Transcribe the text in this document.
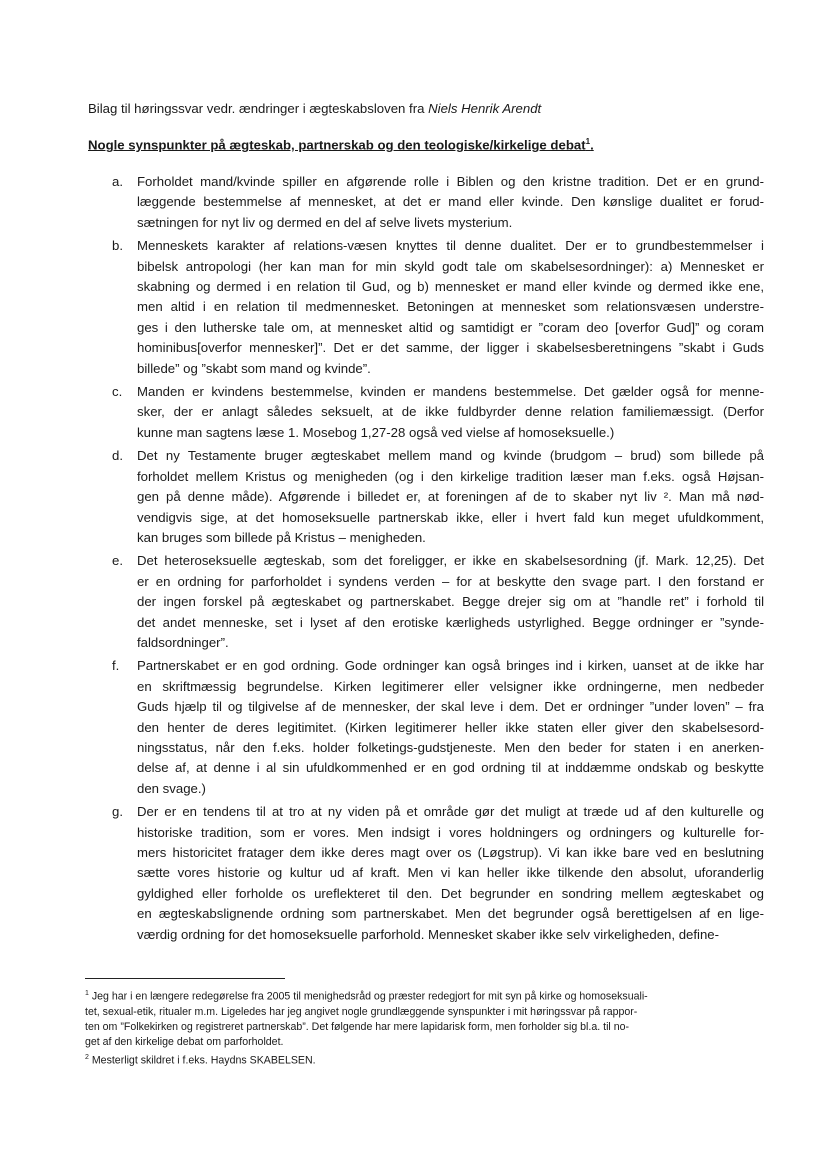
Bilag til høringssvar vedr. ændringer i ægteskabsloven fra Niels Henrik Arendt
Nogle synspunkter på ægteskab, partnerskab og den teologiske/kirkelige debat$^1$.
a. Forholdet mand/kvinde spiller en afgørende rolle i Biblen og den kristne tradition. Det er en grund-
læggende bestemmelse af mennesket, at det er mand eller kvinde. Den kønslige dualitet er forud-
sætningen for nyt liv og dermed en del af selve livets mysterium.
b. Menneskets karakter af relations-væsen knyttes til denne dualitet. Der er to grundbestemmelser i
bibelsk antropologi (her kan man for min skyld godt tale om skabelsesordninger): a) Mennesket er
skabning og dermed i en relation til Gud, og b) mennesket er mand eller kvinde og dermed ikke ene,
men altid i en relation til medmennesket. Betoningen at mennesket som relationsvæsen understre-
ges i den lutherske tale om, at mennesket altid og samtidigt er ”coram deo [overfor Gud]” og coram
hominibus[overfor mennesker]”. Det er det samme, der ligger i skabelsesberetningens ”skabt i Guds
billede” og ”skabt som mand og kvinde”.
c. Manden er kvindens bestemmelse, kvinden er mandens bestemmelse. Det gælder også for menne-
sker, der er anlagt således seksuelt, at de ikke fuldbyrder denne relation familiemæssigt. (Derfor
kunne man sagtens læse 1. Mosebog 1,27-28 også ved vielse af homoseksuelle.)
d. Det ny Testamente bruger ægteskabet mellem mand og kvinde (brudgom – brud) som billede på
forholdet mellem Kristus og menigheden (og i den kirkelige tradition læser man f.eks. også Højsan-
gen på denne måde). Afgørende i billedet er, at foreningen af de to skaber nyt liv ². Man må nød-
vendigvis sige, at det homoseksuelle partnerskab ikke, eller i hvert fald kun meget ufuldkomment,
kan bruges som billede på Kristus – menigheden.
e. Det heteroseksuelle ægteskab, som det foreligger, er ikke en skabelsesordning (jf. Mark. 12,25). Det
er en ordning for parforholdet i syndens verden – for at beskytte den svage part. I den forstand er
der ingen forskel på ægteskabet og partnerskabet. Begge drejer sig om at ”handle ret” i forhold til
det andet menneske, set i lyset af den erotiske kærligheds ustyrlighed. Begge ordninger er ”synde-
faldsordninger”.
f. Partnerskabet er en god ordning. Gode ordninger kan også bringes ind i kirken, uanset at de ikke har
en skriftmæssig begrundelse. Kirken legitimerer eller velsigner ikke ordningerne, men nedbeder
Guds hjælp til og tilgivelse af de mennesker, der skal leve i dem. Det er ordninger ”under loven” – fra
den henter de deres legitimitet. (Kirken legitimerer heller ikke staten eller giver den skabelsesord-
ningsstatus, når den f.eks. holder folketings-gudstjeneste. Men den beder for staten i en anerken-
delse af, at denne i al sin ufuldkommenhed er en god ordning til at inddæmme ondskab og beskytte
den svage.)
g. Der er en tendens til at tro at ny viden på et område gør det muligt at træde ud af den kulturelle og
historiske tradition, som er vores. Men indsigt i vores holdningers og ordningers og kulturelle for-
mers historicitet fratager dem ikke deres magt over os (Løgstrup). Vi kan ikke bare ved en beslutning
sætte vores historie og kultur ud af kraft. Men vi kan heller ikke tilkende den absolut, uforanderlig
gyldighed eller forholde os ureflekteret til den. Det begrunder en sondring mellem ægteskabet og
en ægteskabslignende ordning som partnerskabet. Men det begrunder også berettigelsen af en lige-
værdig ordning for det homoseksuelle parforhold. Mennesket skaber ikke selv virkeligheden, define-
$^1$ Jeg har i en længere redegørelse fra 2005 til menighedsråd og præster redegjort for mit syn på kirke og homoseksuali-
tet, sexual-etik, ritualer m.m. Ligeledes har jeg angivet nogle grundlæggende synspunkter i mit høringssvar på rappor-
ten om ”Folkekirken og registreret partnerskab”. Det følgende har mere lapidarisk form, men forholder sig bl.a. til no-
get af den kirkelige debat om parforholdet.
$^2$ Mesterligt skildret i f.eks. Haydns SKABELSEN.
